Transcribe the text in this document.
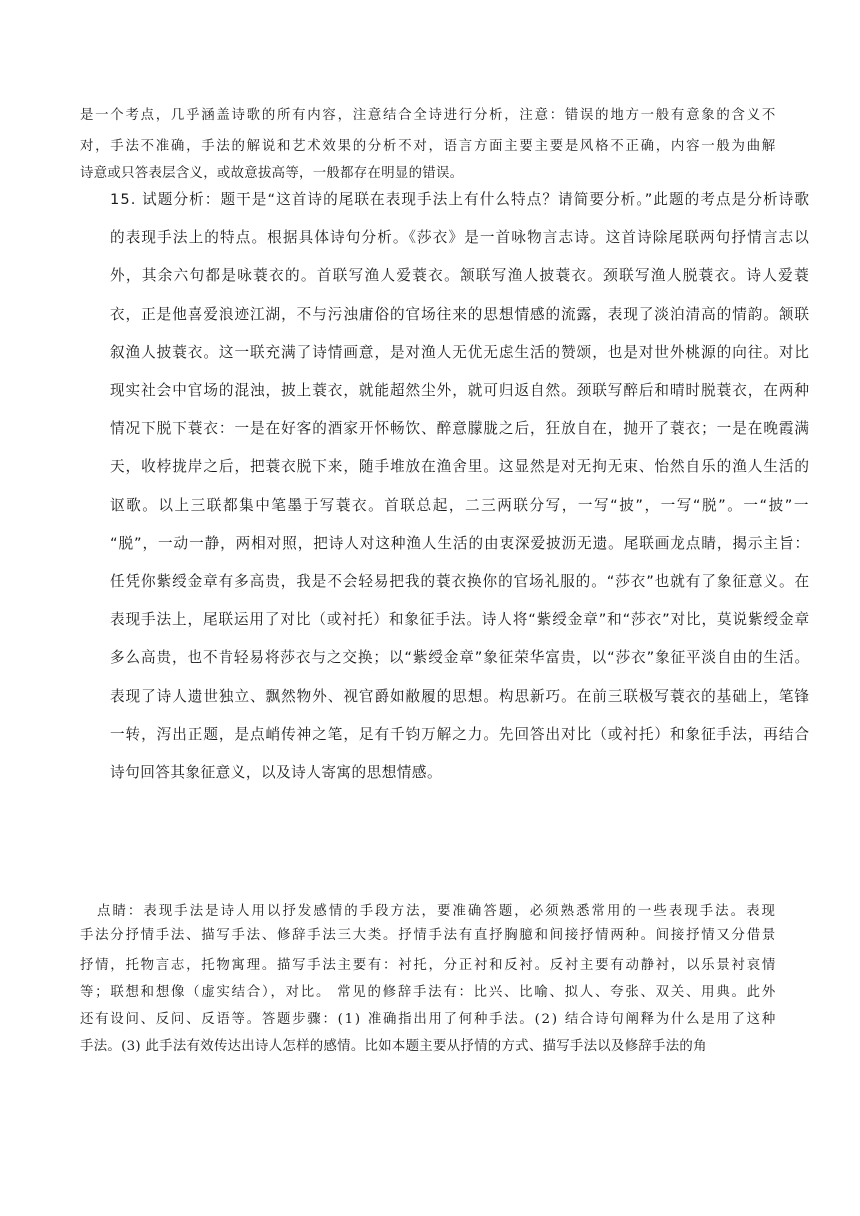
是一个考点，几乎涵盖诗歌的所有内容，注意结合全诗进行分析，注意：错误的地方一般有意象的含义不
对，手法不准确，手法的解说和艺术效果的分析不对，语言方面主要主要是风格不正确，内容一般为曲解
诗意或只答表层含义，或故意拔高等，一般都存在明显的错误。
15. 试题分析：题干是“这首诗的尾联在表现手法上有什么特点？请简要分析。”此题的考点是分析诗歌
的表现手法上的特点。根据具体诗句分析。《莎衣》是一首咏物言志诗。这首诗除尾联两句抒情言志以
外，其余六句都是咏蓑衣的。首联写渔人爱蓑衣。颔联写渔人披蓑衣。颈联写渔人脱蓑衣。诗人爱蓑
衣，正是他喜爱浪迹江湖，不与污浊庸俗的官场往来的思想情感的流露，表现了淡泊清高的情韵。颔联
叙渔人披蓑衣。这一联充满了诗情画意，是对渔人无优无虑生活的赞颂，也是对世外桃源的向往。对比
现实社会中官场的混浊，披上蓑衣，就能超然尘外，就可归返自然。颈联写醉后和晴时脱蓑衣，在两种
情况下脱下蓑衣：一是在好客的酒家开怀畅饮、醉意朦胧之后，狂放自在，抛开了蓑衣；一是在晚霞满
天，收桲拢岸之后，把蓑衣脱下来，随手堆放在渔舍里。这显然是对无拘无束、怡然自乐的渔人生活的
讴歌。以上三联都集中笔墨于写蓑衣。首联总起，二三两联分写，一写“披”，一写“脱”。一“披”一
“脱”，一动一静，两相对照，把诗人对这种渔人生活的由衷深爱披沥无遗。尾联画龙点睛，揭示主旨：
任凭你紫绶金章有多高贵，我是不会轻易把我的蓑衣换你的官场礼服的。“莎衣”也就有了象征意义。在
表现手法上，尾联运用了对比（或衬托）和象征手法。诗人将“紫绶金章”和“莎衣”对比，莫说紫绶金章
多么高贵，也不肯轻易将莎衣与之交换；以“紫绶金章”象征荣华富贵，以“莎衣”象征平淡自由的生活。
表现了诗人遗世独立、飘然物外、视官爵如敝履的思想。构思新巧。在前三联极写蓑衣的基础上，笔锋
一转，泻出正题，是点峭传神之笔，足有千钧万解之力。先回答出对比（或衬托）和象征手法，再结合
诗句回答其象征意义，以及诗人寄寓的思想情感。
点睛：表现手法是诗人用以抒发感情的手段方法，要准确答题，必须熟悉常用的一些表现手法。表现
手法分抒情手法、描写手法、修辞手法三大类。抒情手法有直抒胸臆和间接抒情两种。间接抒情又分借景
抒情，托物言志，托物寓理。描写手法主要有：衬托，分正衬和反衬。反衬主要有动静衬，以乐景衬哀情
等；联想和想像（虚实结合），对比。 常见的修辞手法有：比兴、比喻、拟人、夸张、双关、用典。此外
还有设问、反问、反语等。答题步骤：(1) 准确指出用了何种手法。(2) 结合诗句阐释为什么是用了这种
手法。(3) 此手法有效传达出诗人怎样的感情。比如本题主要从抒情的方式、描写手法以及修辞手法的角
